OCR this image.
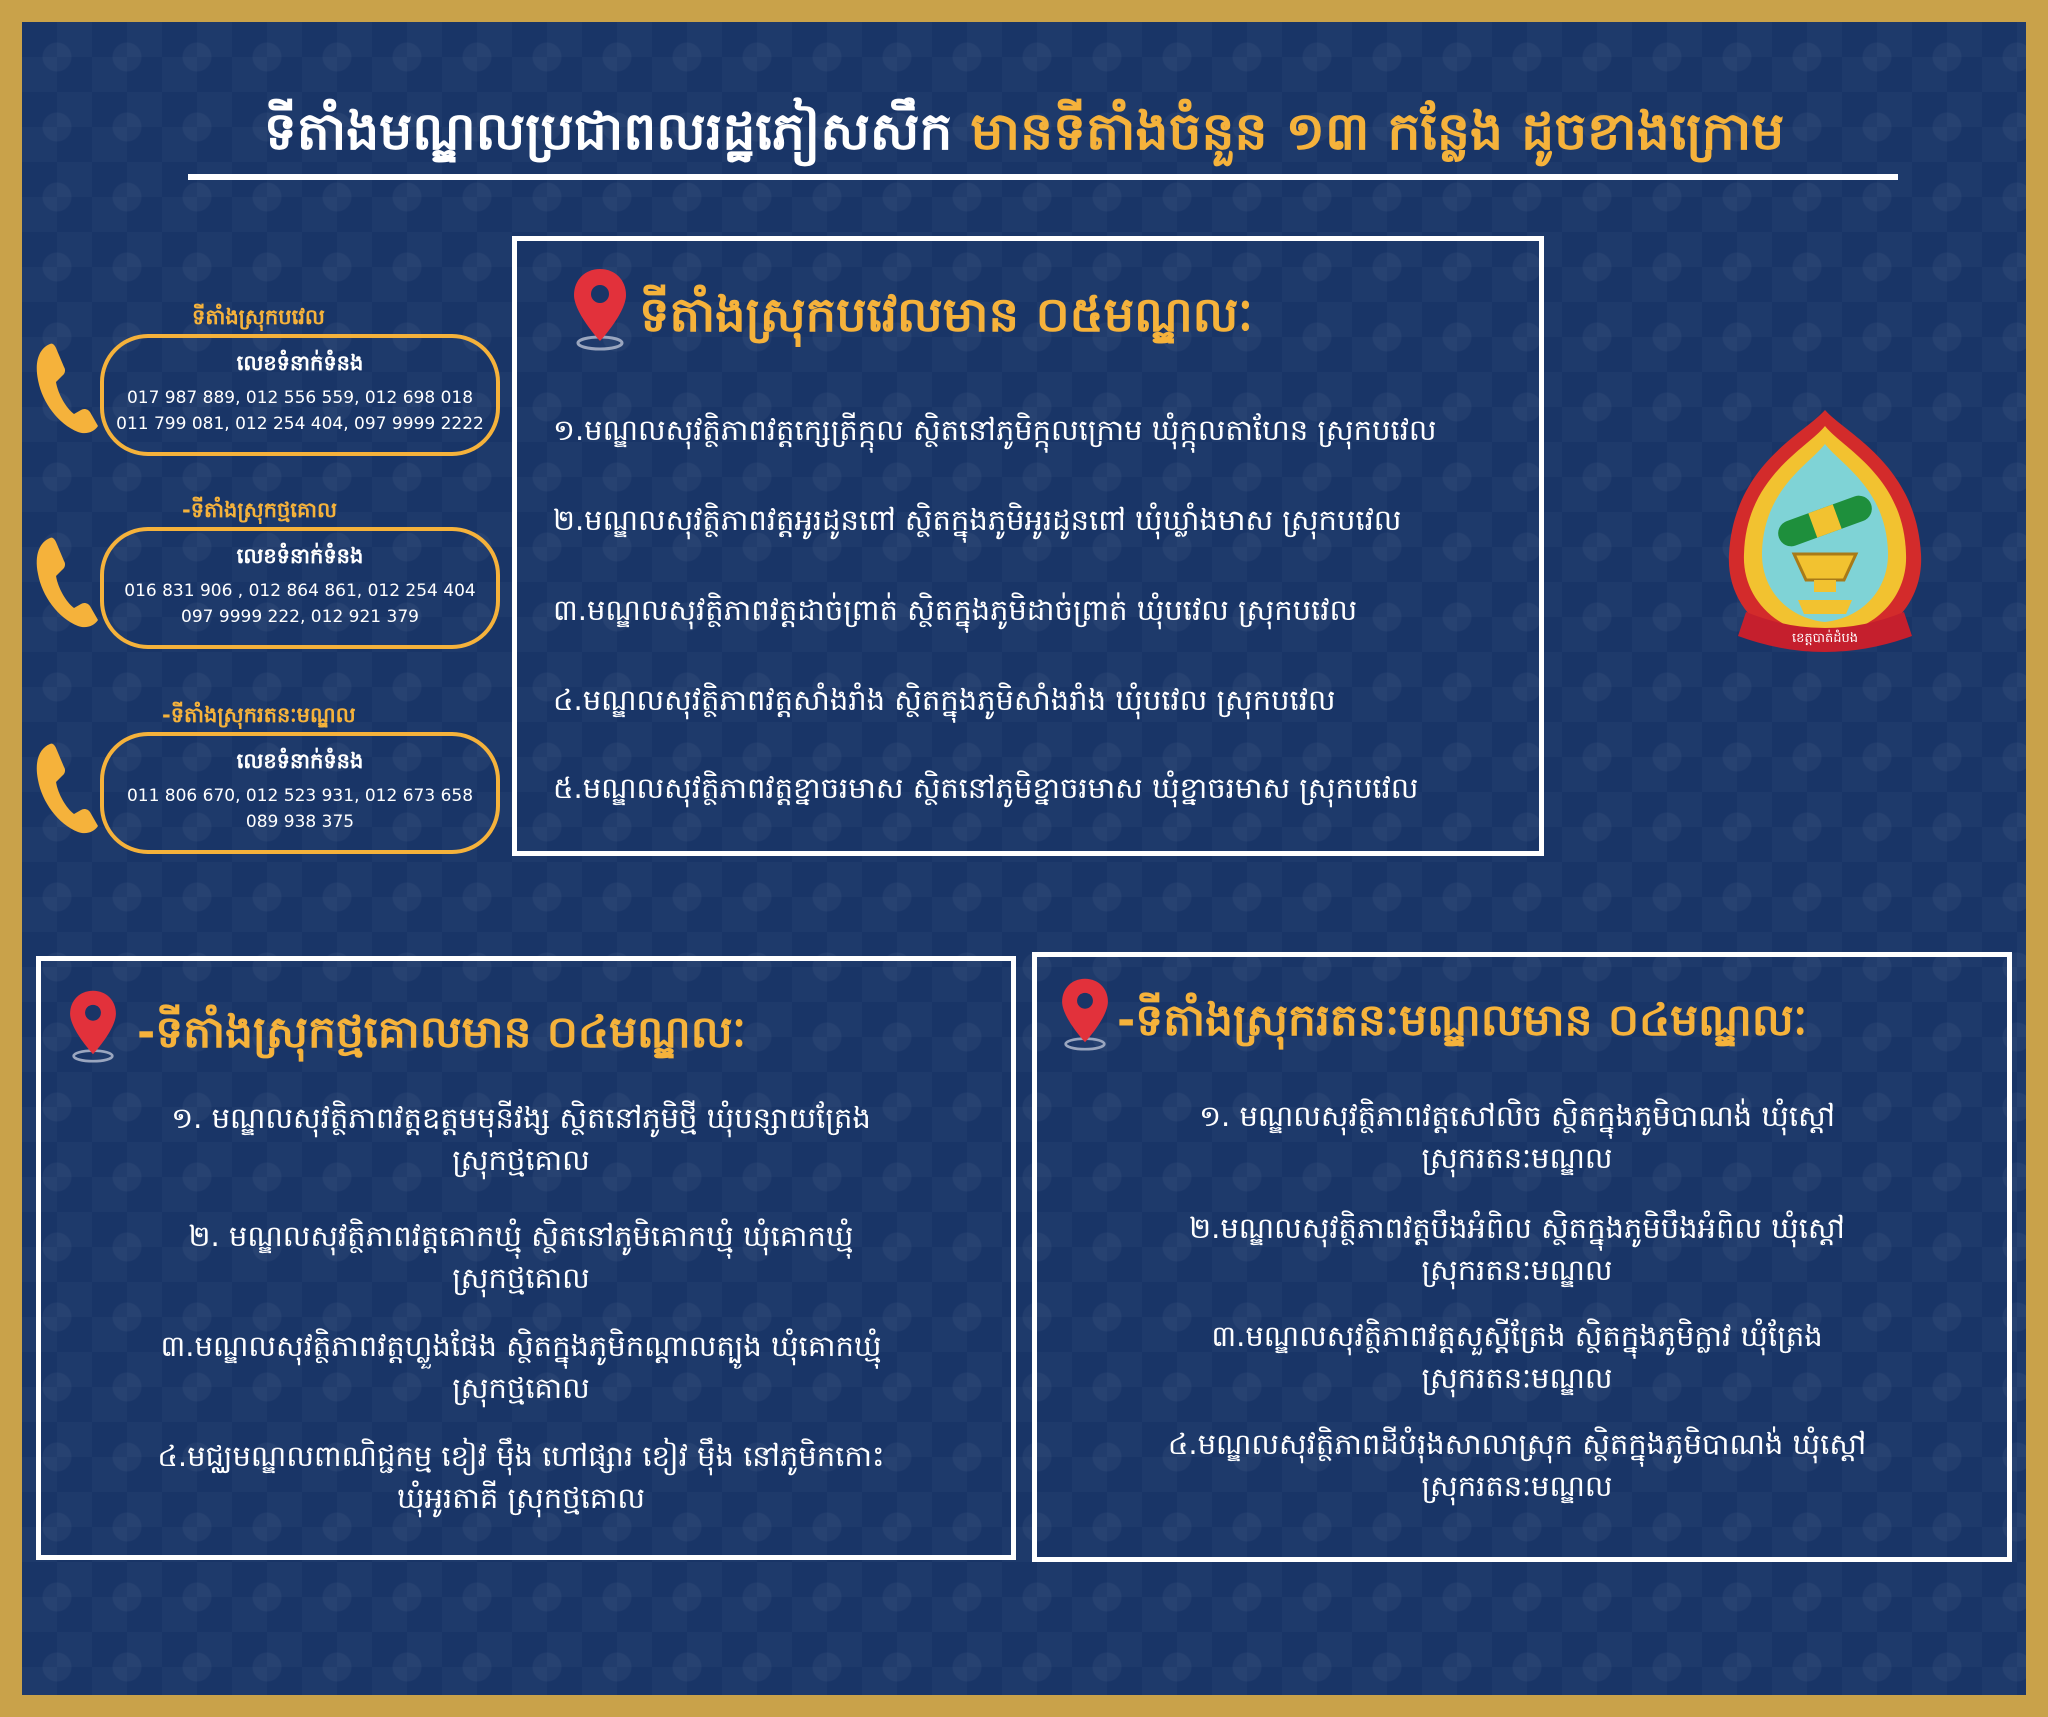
ទីតាំងមណ្ឌលប្រជាពលរដ្ឋភៀសសឹក មានទីតាំងចំនួន ១៣ កន្លែង ដូចខាងក្រោម
ទីតាំងស្រុកបវេល
លេខទំនាក់ទំនង
017 987 889, 012 556 559, 012 698 018
011 799 081, 012 254 404, 097 9999 2222
-ទីតាំងស្រុកថ្មគោល
លេខទំនាក់ទំនង
016 831 906 , 012 864 861, 012 254 404
097 9999 222, 012 921 379
-ទីតាំងស្រុករតនៈមណ្ឌល
លេខទំនាក់ទំនង
011 806 670, 012 523 931, 012 673 658
089 938 375
ទីតាំងស្រុកបវេលមាន ០៥មណ្ឌលៈ
១.មណ្ឌលសុវត្ថិភាពវត្តក្សេត្រីក្កុល ស្ថិតនៅភូមិក្កុលក្រោម ឃុំក្កុលតាហែន ស្រុកបវេល
២.មណ្ឌលសុវត្ថិភាពវត្តអូរដូនពៅ ស្ថិតក្នុងភូមិអូរដូនពៅ ឃុំឃ្លាំងមាស ស្រុកបវេល
៣.មណ្ឌលសុវត្ថិភាពវត្តដាច់ព្រាត់ ស្ថិតក្នុងភូមិដាច់ព្រាត់ ឃុំបវេល ស្រុកបវេល
៤.មណ្ឌលសុវត្ថិភាពវត្តសាំងរាំង ស្ថិតក្នុងភូមិសាំងរាំង ឃុំបវេល ស្រុកបវេល
៥.មណ្ឌលសុវត្ថិភាពវត្តខ្នាចរមាស ស្ថិតនៅភូមិខ្នាចរមាស ឃុំខ្នាចរមាស ស្រុកបវេល
ខេត្តបាត់ដំបង
-ទីតាំងស្រុកថ្មគោលមាន ០៤មណ្ឌលៈ
១. មណ្ឌលសុវត្ថិភាពវត្តឧត្តមមុនីវង្ស ស្ថិតនៅភូមិថ្មី ឃុំបន្សាយត្រែង
ស្រុកថ្មគោល
២. មណ្ឌលសុវត្ថិភាពវត្តគោកឃ្មុំ ស្ថិតនៅភូមិគោកឃ្មុំ ឃុំគោកឃ្មុំ
ស្រុកថ្មគោល
៣.មណ្ឌលសុវត្ថិភាពវត្តហ្លួងផែង ស្ថិតក្នុងភូមិកណ្ដាលត្បូង ឃុំគោកឃ្មុំ
ស្រុកថ្មគោល
៤.មជ្ឈមណ្ឌលពាណិជ្ជកម្ម ខៀវ ម៉ឹង ហៅផ្សារ ខៀវ ម៉ឹង នៅភូមិកកោះ
ឃុំអូរតាគី ស្រុកថ្មគោល
-ទីតាំងស្រុករតនៈមណ្ឌលមាន ០៤មណ្ឌលៈ
១. មណ្ឌលសុវត្ថិភាពវត្តសៅលិច ស្ថិតក្នុងភូមិបាណង់ ឃុំស្ដៅ
ស្រុករតនៈមណ្ឌល
២.មណ្ឌលសុវត្ថិភាពវត្តបឹងអំពិល ស្ថិតក្នុងភូមិបឹងអំពិល ឃុំស្ដៅ
ស្រុករតនៈមណ្ឌល
៣.មណ្ឌលសុវត្ថិភាពវត្តសួស្ដីត្រែង ស្ថិតក្នុងភូមិក្លាវ ឃុំត្រែង
ស្រុករតនៈមណ្ឌល
៤.មណ្ឌលសុវត្ថិភាពដីបំរុងសាលាស្រុក ស្ថិតក្នុងភូមិបាណង់ ឃុំស្ដៅ
ស្រុករតនៈមណ្ឌល
